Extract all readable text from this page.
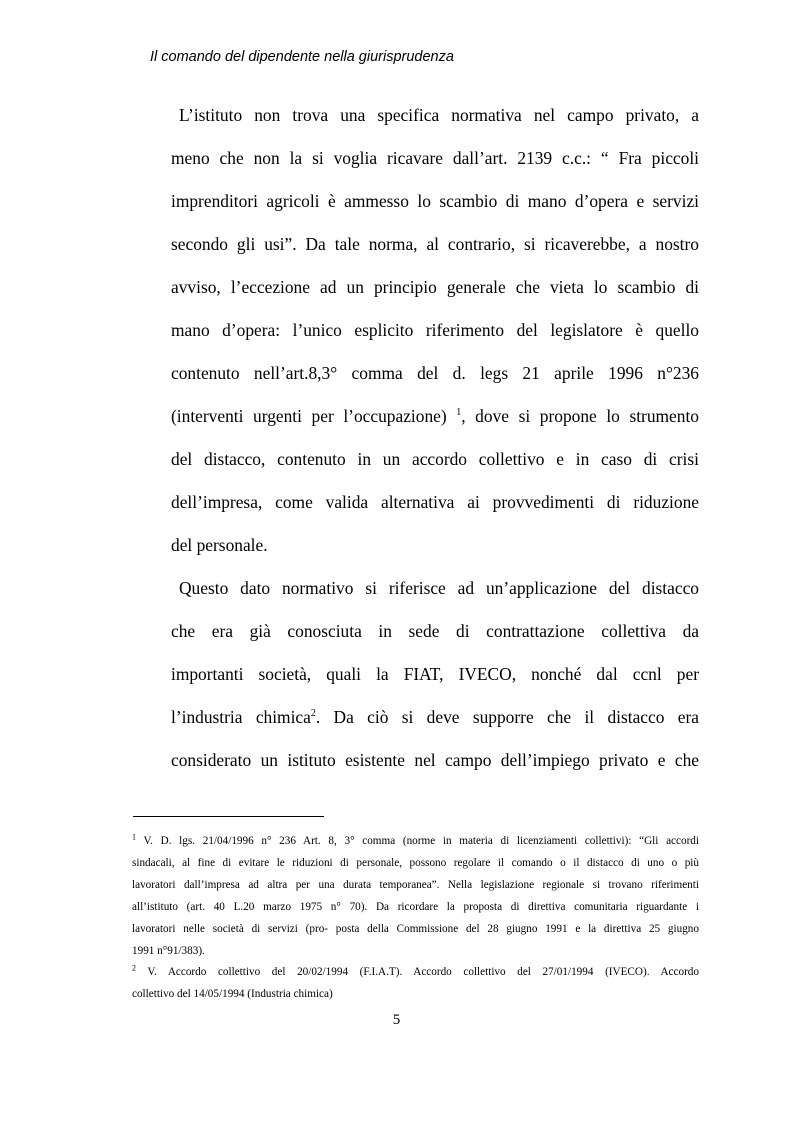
Il comando del dipendente nella giurisprudenza
L’istituto non trova una specifica normativa nel campo privato, a
meno che non la si voglia ricavare dall’art. 2139 c.c.: “ Fra piccoli
imprenditori agricoli è ammesso lo scambio di mano d’opera e servizi
secondo gli usi”. Da tale norma, al contrario, si ricaverebbe, a nostro
avviso, l’eccezione ad un principio generale che vieta lo scambio di
mano d’opera: l’unico esplicito riferimento del legislatore è quello
contenuto nell’art.8,3° comma del d. legs 21 aprile 1996 n°236
(interventi urgenti per l’occupazione) $^1$, dove si propone lo strumento
del distacco, contenuto in un accordo collettivo e in caso di crisi
dell’impresa, come valida alternativa ai provvedimenti di riduzione
del personale.
Questo dato normativo si riferisce ad un’applicazione del distacco
che era già conosciuta in sede di contrattazione collettiva da
importanti società, quali la FIAT, IVECO, nonché dal ccnl per
l’industria chimica$^2$. Da ciò si deve supporre che il distacco era
considerato un istituto esistente nel campo dell’impiego privato e che
$^1$ V. D. lgs. 21/04/1996 n° 236 Art. 8, 3° comma (norme in materia di licenziamenti collettivi): “Gli accordi
sindacali, al fine di evitare le riduzioni di personale, possono regolare il comando o il distacco di uno o più
lavoratori dall’impresa ad altra per una durata temporanea”. Nella legislazione regionale si trovano riferimenti
all’istituto (art. 40 L.20 marzo 1975 n° 70). Da ricordare la proposta di direttiva comunitaria riguardante i
lavoratori nelle società di servizi (pro- posta della Commissione del 28 giugno 1991 e la direttiva 25 giugno
1991 n°91/383).
$^2$ V. Accordo collettivo del 20/02/1994 (F.I.A.T). Accordo collettivo del 27/01/1994 (IVECO). Accordo
collettivo del 14/05/1994 (Industria chimica)
5
